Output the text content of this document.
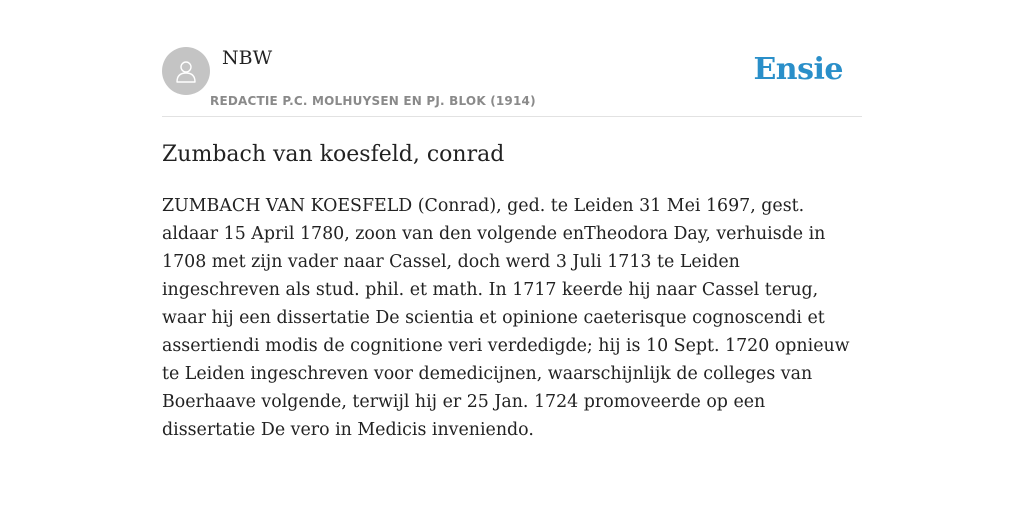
NBW
REDACTIE P.C. MOLHUYSEN EN PJ. BLOK (1914)
Ensie
Zumbach van koesfeld, conrad

ZUMBACH VAN KOESFELD (Conrad), ged. te Leiden 31 Mei 1697, gest. aldaar 15 April 1780, zoon van den volgende enTheodora Day, verhuisde in 1708 met zijn vader naar Cassel, doch werd 3 Juli 1713 te Leiden ingeschreven als stud. phil. et math. In 1717 keerde hij naar Cassel terug, waar hij een dissertatie De scientia et opinione caeterisque cognoscendi et assertiendi modis de cognitione veri verdedigde; hij is 10 Sept. 1720 opnieuw te Leiden ingeschreven voor demedicijnen, waarschijnlijk de colleges van Boerhaave volgende, terwijl hij er 25 Jan. 1724 promoveerde op een dissertatie De vero in Medicis inveniendo.
